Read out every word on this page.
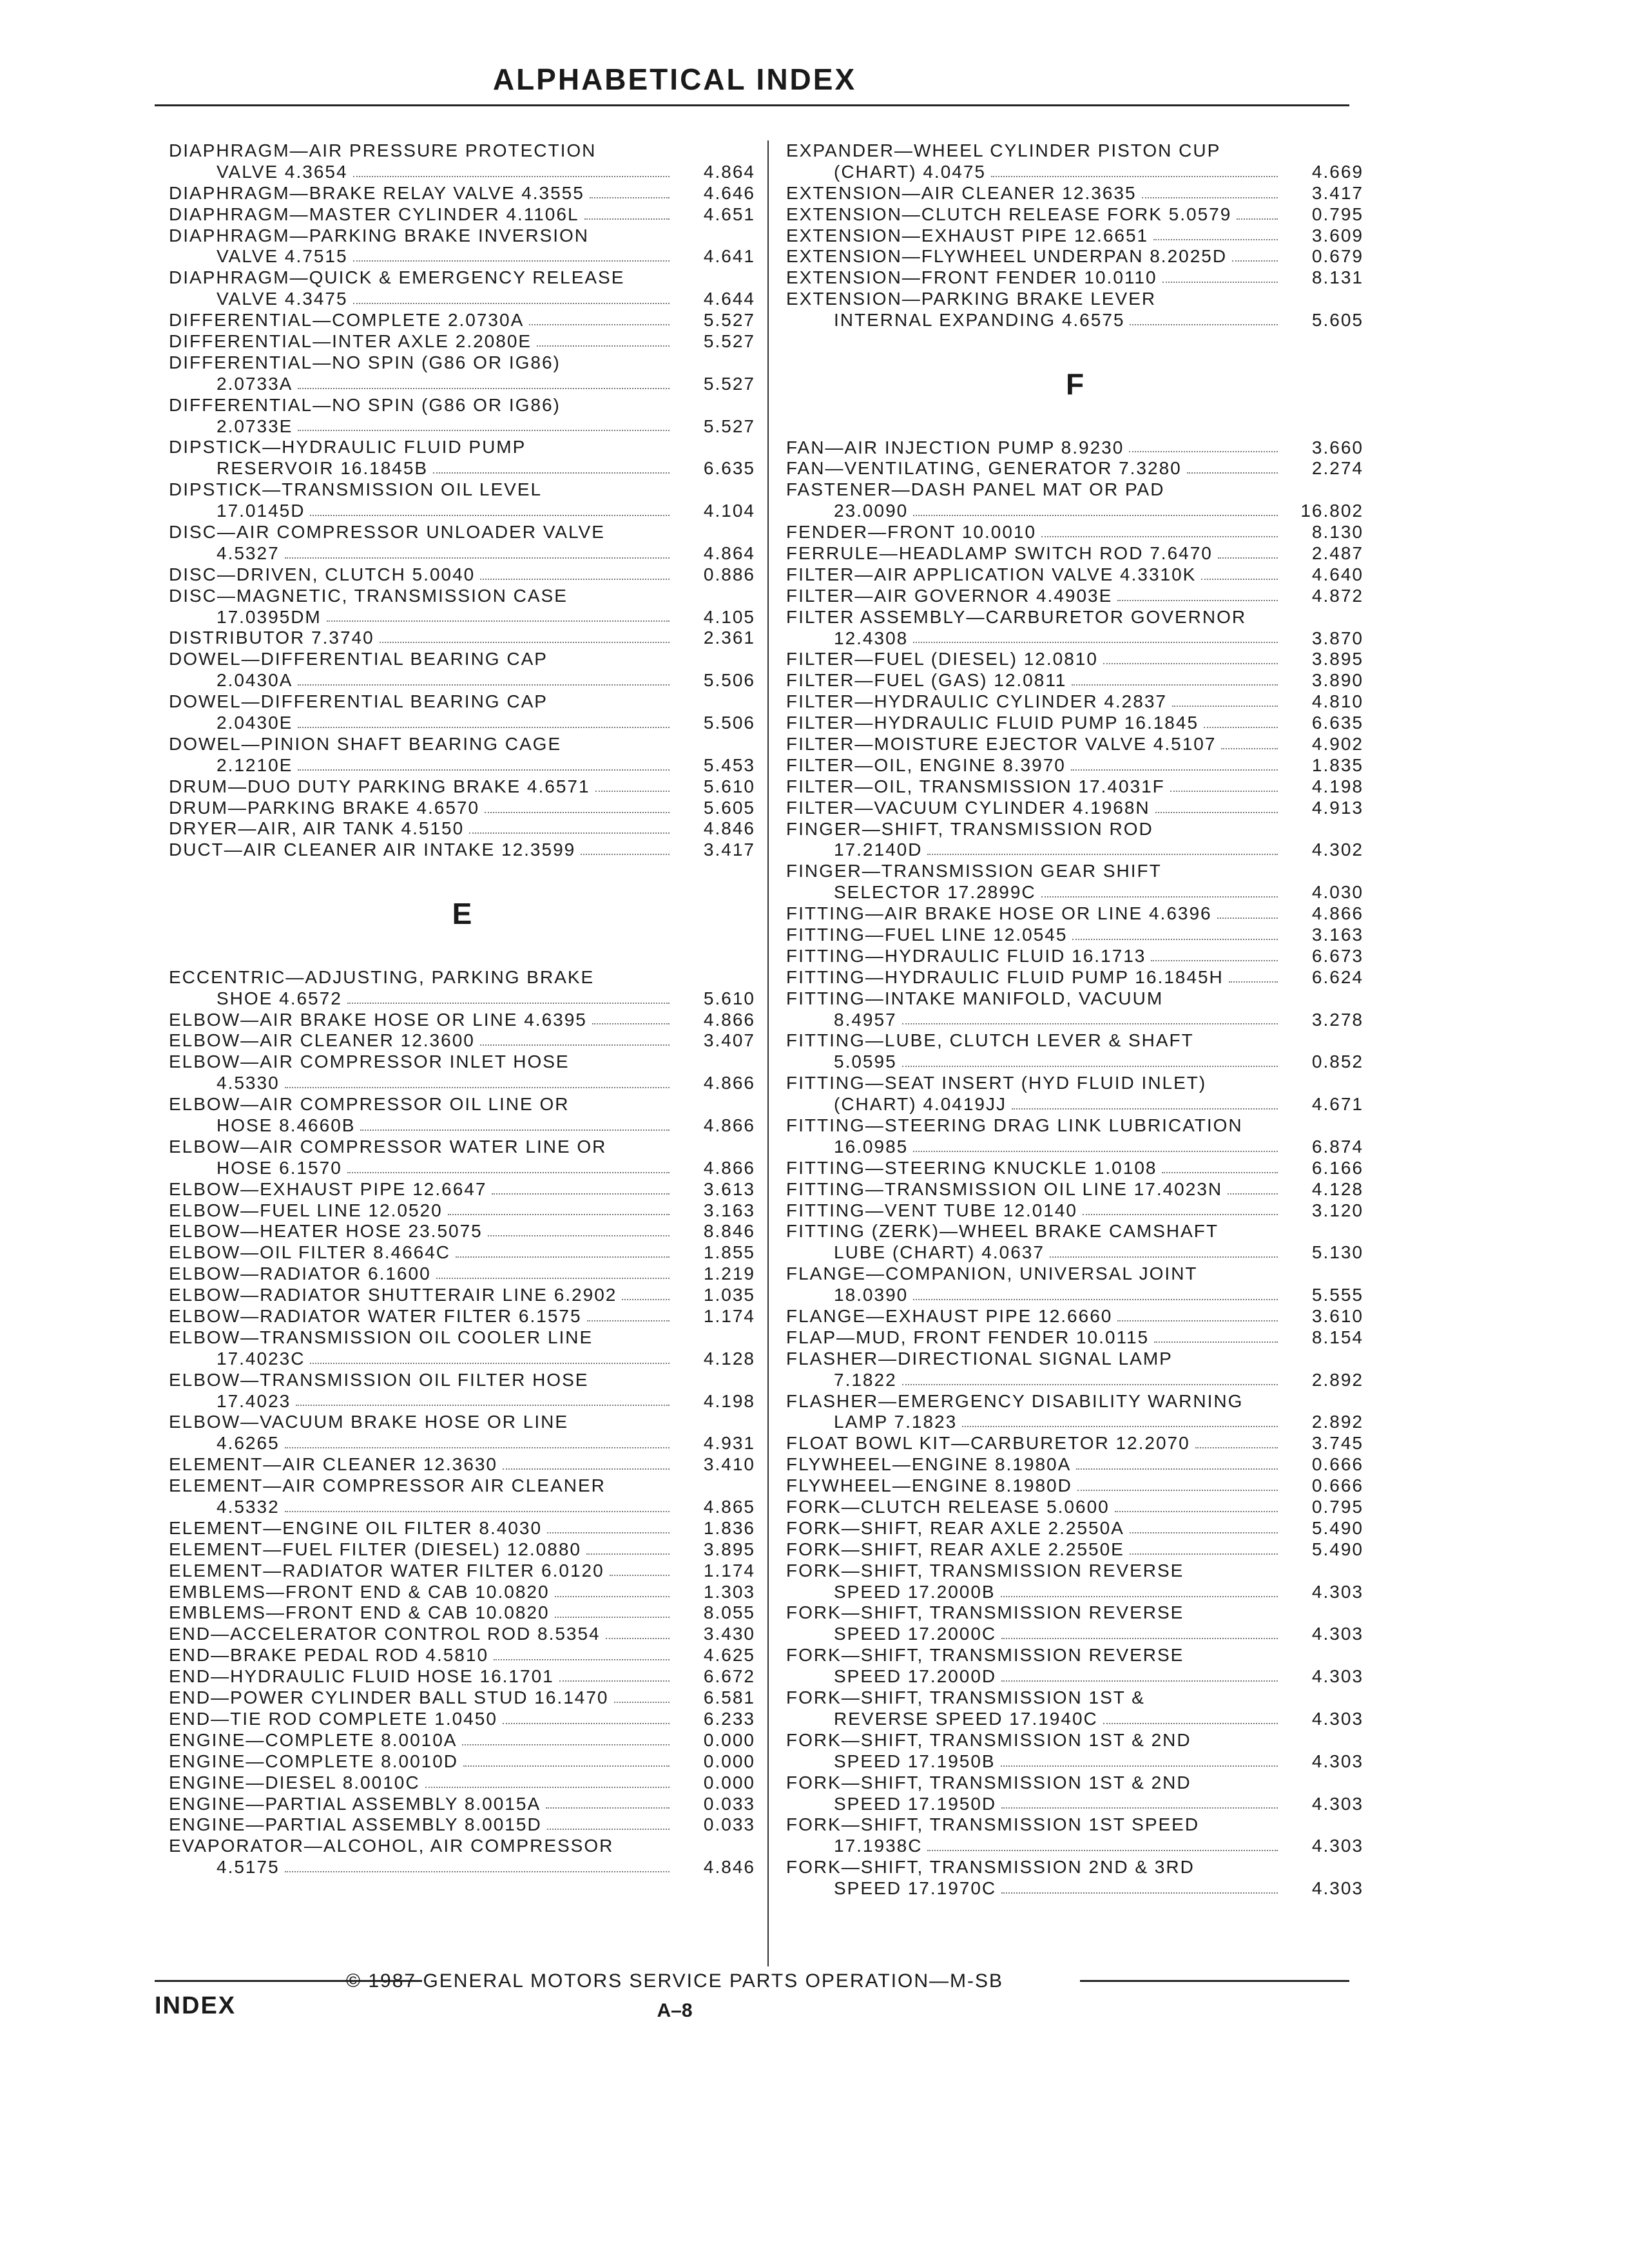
ALPHABETICAL INDEX
DIAPHRAGM—AIR PRESSURE PROTECTION
VALVE 4.3654	4.864
DIAPHRAGM—BRAKE RELAY VALVE 4.3555	4.646
DIAPHRAGM—MASTER CYLINDER 4.1106L	4.651
DIAPHRAGM—PARKING BRAKE INVERSION
VALVE 4.7515	4.641
DIAPHRAGM—QUICK & EMERGENCY RELEASE
VALVE 4.3475	4.644
DIFFERENTIAL—COMPLETE 2.0730A	5.527
DIFFERENTIAL—INTER AXLE 2.2080E	5.527
DIFFERENTIAL—NO SPIN (G86 OR IG86)
2.0733A	5.527
DIFFERENTIAL—NO SPIN (G86 OR IG86)
2.0733E	5.527
DIPSTICK—HYDRAULIC FLUID PUMP
RESERVOIR 16.1845B	6.635
DIPSTICK—TRANSMISSION OIL LEVEL
17.0145D	4.104
DISC—AIR COMPRESSOR UNLOADER VALVE
4.5327	4.864
DISC—DRIVEN, CLUTCH 5.0040	0.886
DISC—MAGNETIC, TRANSMISSION CASE
17.0395DM	4.105
DISTRIBUTOR 7.3740	2.361
DOWEL—DIFFERENTIAL BEARING CAP
2.0430A	5.506
DOWEL—DIFFERENTIAL BEARING CAP
2.0430E	5.506
DOWEL—PINION SHAFT BEARING CAGE
2.1210E	5.453
DRUM—DUO DUTY PARKING BRAKE 4.6571	5.610
DRUM—PARKING BRAKE 4.6570	5.605
DRYER—AIR, AIR TANK 4.5150	4.846
DUCT—AIR CLEANER AIR INTAKE 12.3599	3.417
E
ECCENTRIC—ADJUSTING, PARKING BRAKE
SHOE 4.6572	5.610
ELBOW—AIR BRAKE HOSE OR LINE 4.6395	4.866
ELBOW—AIR CLEANER 12.3600	3.407
ELBOW—AIR COMPRESSOR INLET HOSE
4.5330	4.866
ELBOW—AIR COMPRESSOR OIL LINE OR
HOSE 8.4660B	4.866
ELBOW—AIR COMPRESSOR WATER LINE OR
HOSE 6.1570	4.866
ELBOW—EXHAUST PIPE 12.6647	3.613
ELBOW—FUEL LINE 12.0520	3.163
ELBOW—HEATER HOSE 23.5075	8.846
ELBOW—OIL FILTER 8.4664C	1.855
ELBOW—RADIATOR 6.1600	1.219
ELBOW—RADIATOR SHUTTERAIR LINE 6.2902	1.035
ELBOW—RADIATOR WATER FILTER 6.1575	1.174
ELBOW—TRANSMISSION OIL COOLER LINE
17.4023C	4.128
ELBOW—TRANSMISSION OIL FILTER HOSE
17.4023	4.198
ELBOW—VACUUM BRAKE HOSE OR LINE
4.6265	4.931
ELEMENT—AIR CLEANER 12.3630	3.410
ELEMENT—AIR COMPRESSOR AIR CLEANER
4.5332	4.865
ELEMENT—ENGINE OIL FILTER 8.4030	1.836
ELEMENT—FUEL FILTER (DIESEL) 12.0880	3.895
ELEMENT—RADIATOR WATER FILTER 6.0120	1.174
EMBLEMS—FRONT END & CAB 10.0820	1.303
EMBLEMS—FRONT END & CAB 10.0820	8.055
END—ACCELERATOR CONTROL ROD 8.5354	3.430
END—BRAKE PEDAL ROD 4.5810	4.625
END—HYDRAULIC FLUID HOSE 16.1701	6.672
END—POWER CYLINDER BALL STUD 16.1470	6.581
END—TIE ROD COMPLETE 1.0450	6.233
ENGINE—COMPLETE 8.0010A	0.000
ENGINE—COMPLETE 8.0010D	0.000
ENGINE—DIESEL 8.0010C	0.000
ENGINE—PARTIAL ASSEMBLY 8.0015A	0.033
ENGINE—PARTIAL ASSEMBLY 8.0015D	0.033
EVAPORATOR—ALCOHOL, AIR COMPRESSOR
4.5175	4.846
EXPANDER—WHEEL CYLINDER PISTON CUP
(CHART) 4.0475	4.669
EXTENSION—AIR CLEANER 12.3635	3.417
EXTENSION—CLUTCH RELEASE FORK 5.0579	0.795
EXTENSION—EXHAUST PIPE 12.6651	3.609
EXTENSION—FLYWHEEL UNDERPAN 8.2025D	0.679
EXTENSION—FRONT FENDER 10.0110	8.131
EXTENSION—PARKING BRAKE LEVER
INTERNAL EXPANDING 4.6575	5.605
F
FAN—AIR INJECTION PUMP 8.9230	3.660
FAN—VENTILATING, GENERATOR 7.3280	2.274
FASTENER—DASH PANEL MAT OR PAD
23.0090	16.802
FENDER—FRONT 10.0010	8.130
FERRULE—HEADLAMP SWITCH ROD 7.6470	2.487
FILTER—AIR APPLICATION VALVE 4.3310K	4.640
FILTER—AIR GOVERNOR 4.4903E	4.872
FILTER ASSEMBLY—CARBURETOR GOVERNOR
12.4308	3.870
FILTER—FUEL (DIESEL) 12.0810	3.895
FILTER—FUEL (GAS) 12.0811	3.890
FILTER—HYDRAULIC CYLINDER 4.2837	4.810
FILTER—HYDRAULIC FLUID PUMP 16.1845	6.635
FILTER—MOISTURE EJECTOR VALVE 4.5107	4.902
FILTER—OIL, ENGINE 8.3970	1.835
FILTER—OIL, TRANSMISSION 17.4031F	4.198
FILTER—VACUUM CYLINDER 4.1968N	4.913
FINGER—SHIFT, TRANSMISSION ROD
17.2140D	4.302
FINGER—TRANSMISSION GEAR SHIFT
SELECTOR 17.2899C	4.030
FITTING—AIR BRAKE HOSE OR LINE 4.6396	4.866
FITTING—FUEL LINE 12.0545	3.163
FITTING—HYDRAULIC FLUID 16.1713	6.673
FITTING—HYDRAULIC FLUID PUMP 16.1845H	6.624
FITTING—INTAKE MANIFOLD, VACUUM
8.4957	3.278
FITTING—LUBE, CLUTCH LEVER & SHAFT
5.0595	0.852
FITTING—SEAT INSERT (HYD FLUID INLET)
(CHART) 4.0419JJ	4.671
FITTING—STEERING DRAG LINK LUBRICATION
16.0985	6.874
FITTING—STEERING KNUCKLE 1.0108	6.166
FITTING—TRANSMISSION OIL LINE 17.4023N	4.128
FITTING—VENT TUBE 12.0140	3.120
FITTING (ZERK)—WHEEL BRAKE CAMSHAFT
LUBE (CHART) 4.0637	5.130
FLANGE—COMPANION, UNIVERSAL JOINT
18.0390	5.555
FLANGE—EXHAUST PIPE 12.6660	3.610
FLAP—MUD, FRONT FENDER 10.0115	8.154
FLASHER—DIRECTIONAL SIGNAL LAMP
7.1822	2.892
FLASHER—EMERGENCY DISABILITY WARNING
LAMP 7.1823	2.892
FLOAT BOWL KIT—CARBURETOR 12.2070	3.745
FLYWHEEL—ENGINE 8.1980A	0.666
FLYWHEEL—ENGINE 8.1980D	0.666
FORK—CLUTCH RELEASE 5.0600	0.795
FORK—SHIFT, REAR AXLE 2.2550A	5.490
FORK—SHIFT, REAR AXLE 2.2550E	5.490
FORK—SHIFT, TRANSMISSION REVERSE
SPEED 17.2000B	4.303
FORK—SHIFT, TRANSMISSION REVERSE
SPEED 17.2000C	4.303
FORK—SHIFT, TRANSMISSION REVERSE
SPEED 17.2000D	4.303
FORK—SHIFT, TRANSMISSION 1ST &
REVERSE SPEED 17.1940C	4.303
FORK—SHIFT, TRANSMISSION 1ST & 2ND
SPEED 17.1950B	4.303
FORK—SHIFT, TRANSMISSION 1ST & 2ND
SPEED 17.1950D	4.303
FORK—SHIFT, TRANSMISSION 1ST SPEED
17.1938C	4.303
FORK—SHIFT, TRANSMISSION 2ND & 3RD
SPEED 17.1970C	4.303
© 1987 GENERAL MOTORS SERVICE PARTS OPERATION—M-SB
INDEX	A–8
